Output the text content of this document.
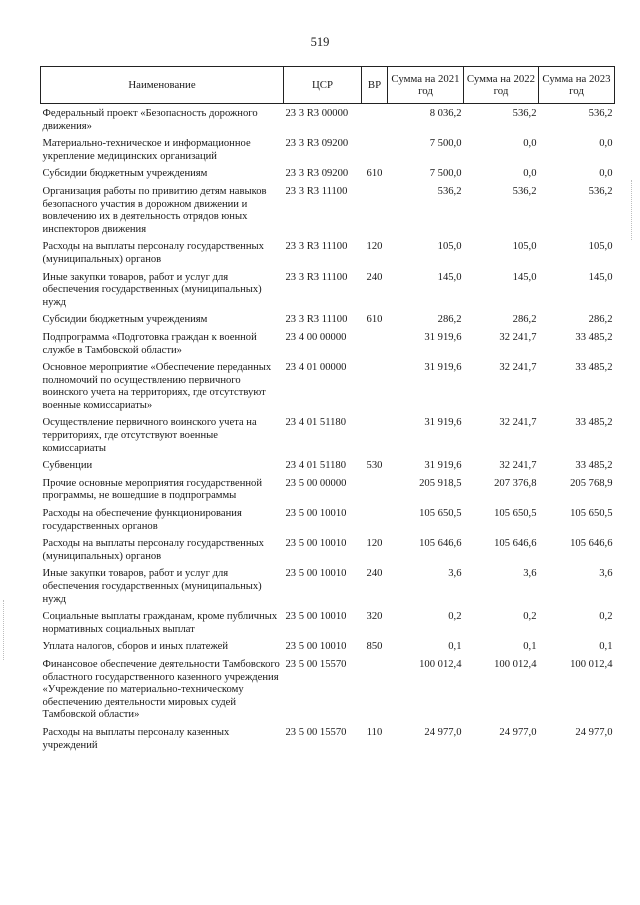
519
Наименование	ЦСР	ВР	Сумма на 2021 год	Сумма на 2022 год	Сумма на 2023 год
Федеральный проект «Безопасность дорожного движения»	23 3 R3 00000		8 036,2	536,2	536,2
Материально-техническое и информационное укрепление медицинских организаций	23 3 R3 09200		7 500,0	0,0	0,0
Субсидии бюджетным учреждениям	23 3 R3 09200	610	7 500,0	0,0	0,0
Организация работы по привитию детям навыков безопасного участия в дорожном движении и вовлечению их в деятельность отрядов юных инспекторов движения	23 3 R3 11100		536,2	536,2	536,2
Расходы на выплаты персоналу государственных (муниципальных) органов	23 3 R3 11100	120	105,0	105,0	105,0
Иные закупки товаров, работ и услуг для обеспечения государственных (муниципальных) нужд	23 3 R3 11100	240	145,0	145,0	145,0
Субсидии бюджетным учреждениям	23 3 R3 11100	610	286,2	286,2	286,2
Подпрограмма «Подготовка граждан к военной службе в Тамбовской области»	23 4 00 00000		31 919,6	32 241,7	33 485,2
Основное мероприятие «Обеспечение переданных полномочий по осуществлению первичного воинского учета на территориях, где отсутствуют военные комиссариаты»	23 4 01 00000		31 919,6	32 241,7	33 485,2
Осуществление первичного воинского учета на территориях, где отсутствуют военные комиссариаты	23 4 01 51180		31 919,6	32 241,7	33 485,2
Субвенции	23 4 01 51180	530	31 919,6	32 241,7	33 485,2
Прочие основные мероприятия государственной программы, не вошедшие в подпрограммы	23 5 00 00000		205 918,5	207 376,8	205 768,9
Расходы на обеспечение функционирования государственных органов	23 5 00 10010		105 650,5	105 650,5	105 650,5
Расходы на выплаты персоналу государственных (муниципальных) органов	23 5 00 10010	120	105 646,6	105 646,6	105 646,6
Иные закупки товаров, работ и услуг для обеспечения государственных (муниципальных) нужд	23 5 00 10010	240	3,6	3,6	3,6
Социальные выплаты гражданам, кроме публичных нормативных социальных выплат	23 5 00 10010	320	0,2	0,2	0,2
Уплата налогов, сборов и иных платежей	23 5 00 10010	850	0,1	0,1	0,1
Финансовое обеспечение деятельности Тамбовского областного государственного казенного учреждения «Учреждение по материально-техническому обеспечению деятельности мировых судей Тамбовской области»	23 5 00 15570		100 012,4	100 012,4	100 012,4
Расходы на выплаты персоналу казенных учреждений	23 5 00 15570	110	24 977,0	24 977,0	24 977,0
